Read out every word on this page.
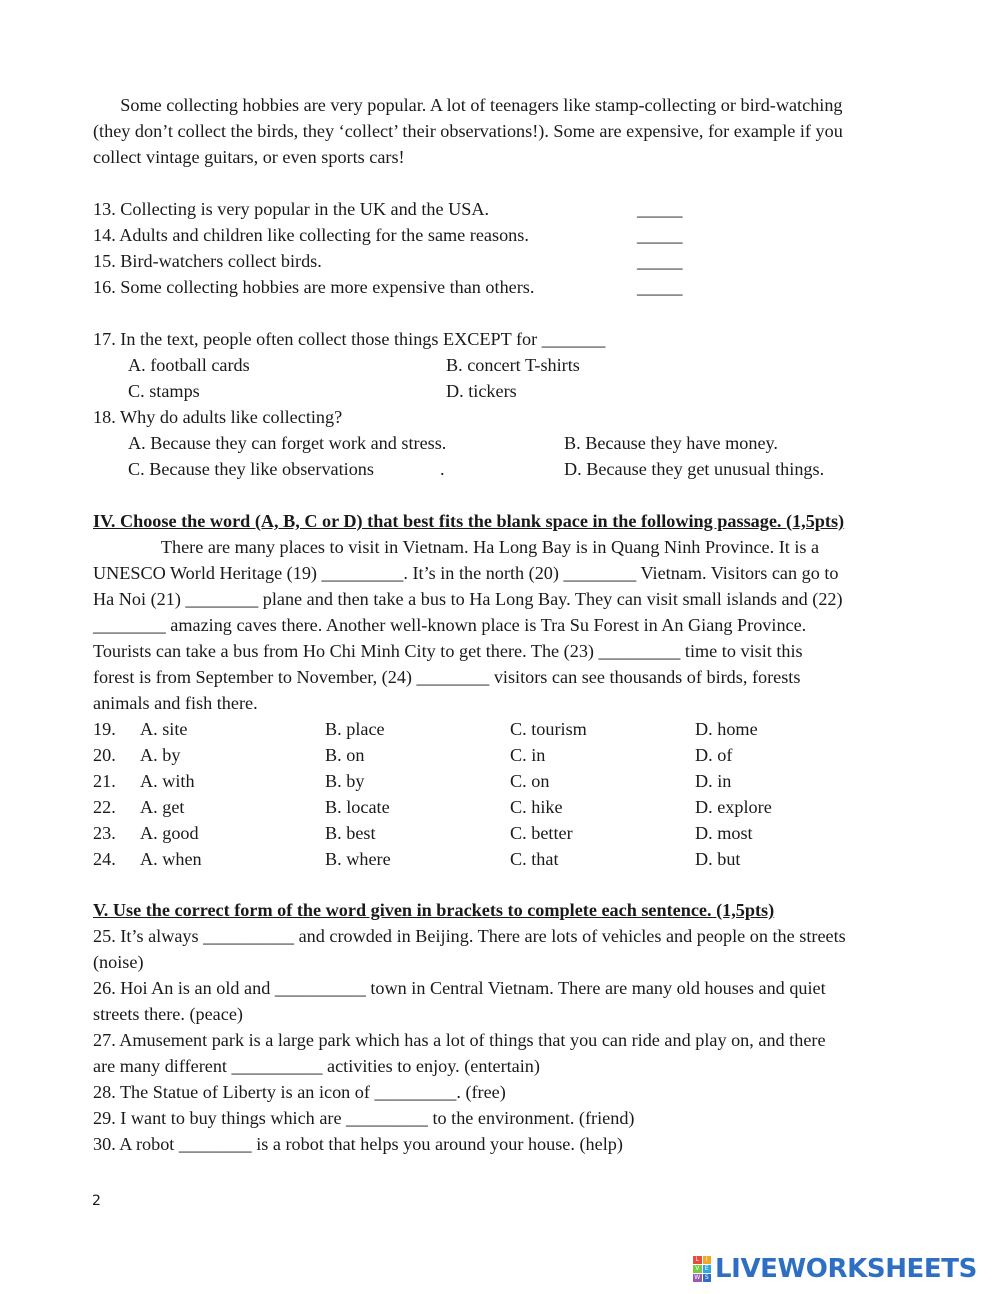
Some collecting hobbies are very popular. A lot of teenagers like stamp-collecting or bird-watching
(they don’t collect the birds, they ‘collect’ their observations!). Some are expensive, for example if you
collect vintage guitars, or even sports cars!
13. Collecting is very popular in the UK and the USA.	_____
14. Adults and children like collecting for the same reasons.	_____
15. Bird-watchers collect birds.	_____
16. Some collecting hobbies are more expensive than others.	_____
17. In the text, people often collect those things EXCEPT for _______
A. football cards	B. concert T-shirts
C. stamps	D. tickers
18. Why do adults like collecting?
A. Because they can forget work and stress.	B. Because they have money.
C. Because they like observations	.	D. Because they get unusual things.
IV. Choose the word (A, B, C or D) that best fits the blank space in the following passage. (1,5pts)
There are many places to visit in Vietnam. Ha Long Bay is in Quang Ninh Province. It is a
UNESCO World Heritage (19) _________. It’s in the north (20) ________ Vietnam. Visitors can go to
Ha Noi (21) ________ plane and then take a bus to Ha Long Bay. They can visit small islands and (22)
________ amazing caves there. Another well-known place is Tra Su Forest in An Giang Province.
Tourists can take a bus from Ho Chi Minh City to get there. The (23) _________ time to visit this
forest is from September to November, (24) ________ visitors can see thousands of birds, forests
animals and fish there.
19. A. site	B. place	C. tourism	D. home
20. A. by	B. on	C. in	D. of
21. A. with	B. by	C. on	D. in
22. A. get	B. locate	C. hike	D. explore
23. A. good	B. best	C. better	D. most
24. A. when	B. where	C. that	D. but
V. Use the correct form of the word given in brackets to complete each sentence. (1,5pts)
25. It’s always __________ and crowded in Beijing. There are lots of vehicles and people on the streets
(noise)
26. Hoi An is an old and __________ town in Central Vietnam. There are many old houses and quiet
streets there. (peace)
27. Amusement park is a large park which has a lot of things that you can ride and play on, and there
are many different __________ activities to enjoy. (entertain)
28. The Statue of Liberty is an icon of _________. (free)
29. I want to buy things which are _________ to the environment. (friend)
30. A robot ________ is a robot that helps you around your house. (help)
2
L	I
V E
W S LIVEWORKSHEETS
